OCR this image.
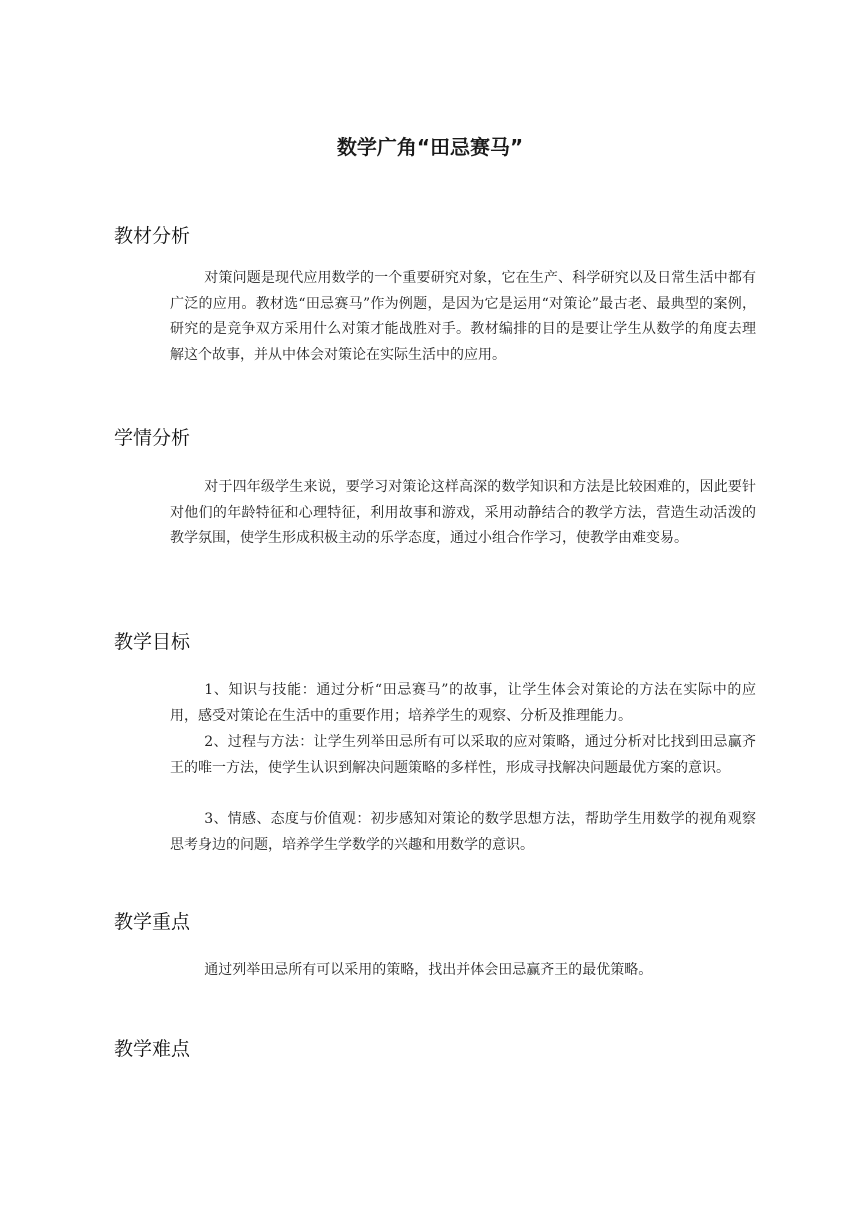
数学广角“田忌赛马”
教材分析

对策问题是现代应用数学的一个重要研究对象，它在生产、科学研究以及日常生活中都有广泛的应用。教材选“田忌赛马”作为例题，是因为它是运用“对策论”最古老、最典型的案例，研究的是竞争双方采用什么对策才能战胜对手。教材编排的目的是要让学生从数学的角度去理解这个故事，并从中体会对策论在实际生活中的应用。

学情分析

对于四年级学生来说，要学习对策论这样高深的数学知识和方法是比较困难的，因此要针对他们的年龄特征和心理特征，利用故事和游戏，采用动静结合的教学方法，营造生动活泼的教学氛围，使学生形成积极主动的乐学态度，通过小组合作学习，使教学由难变易。

教学目标

1、知识与技能：通过分析“田忌赛马”的故事，让学生体会对策论的方法在实际中的应用，感受对策论在生活中的重要作用；培养学生的观察、分析及推理能力。

2、过程与方法：让学生列举田忌所有可以采取的应对策略，通过分析对比找到田忌赢齐王的唯一方法，使学生认识到解决问题策略的多样性，形成寻找解决问题最优方案的意识。

3、情感、态度与价值观：初步感知对策论的数学思想方法，帮助学生用数学的视角观察思考身边的问题，培养学生学数学的兴趣和用数学的意识。

教学重点

通过列举田忌所有可以采用的策略，找出并体会田忌赢齐王的最优策略。

教学难点
